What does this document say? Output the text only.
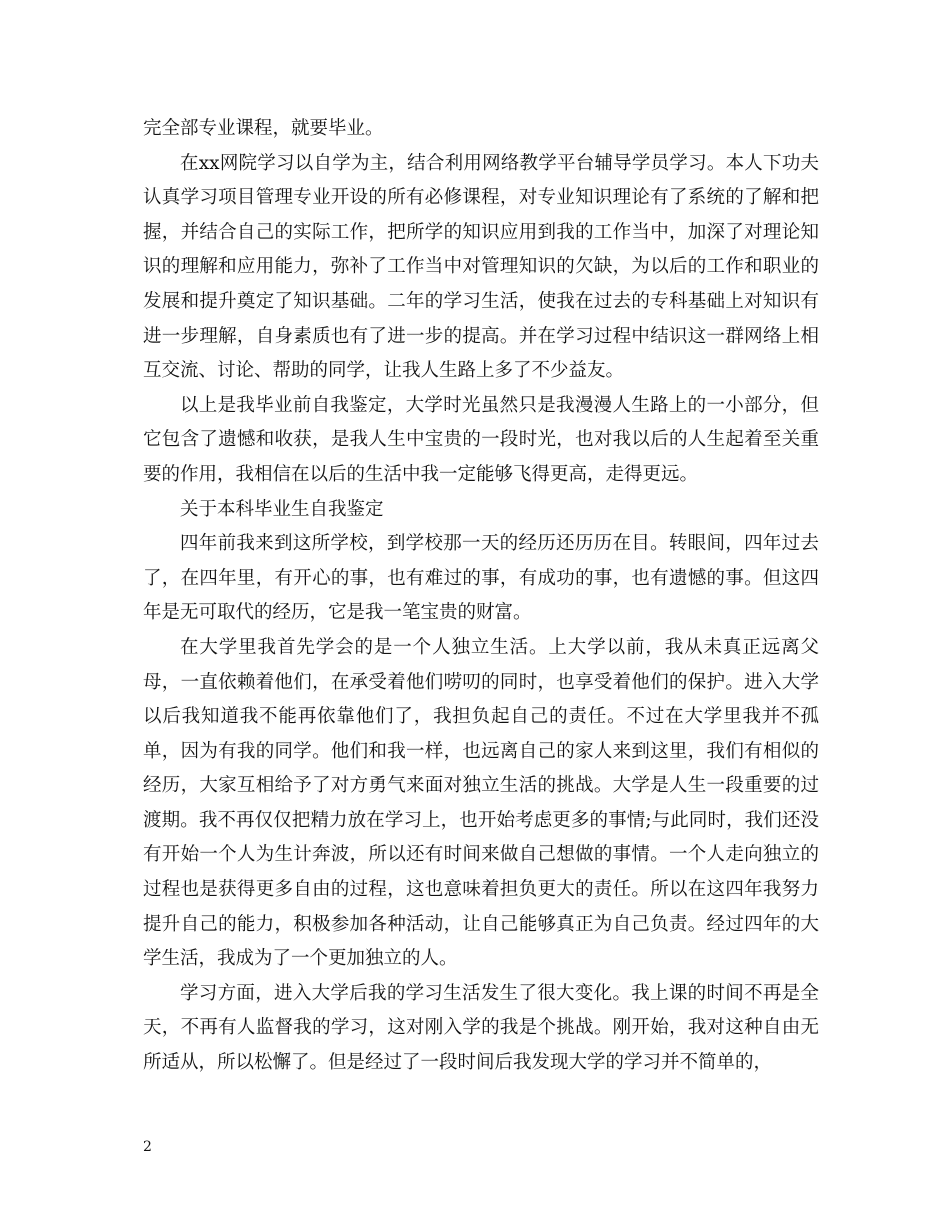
完全部专业课程，就要毕业。

在xx网院学习以自学为主，结合利用网络教学平台辅导学员学习。本人下功夫认真学习项目管理专业开设的所有必修课程，对专业知识理论有了系统的了解和把握，并结合自己的实际工作，把所学的知识应用到我的工作当中，加深了对理论知识的理解和应用能力，弥补了工作当中对管理知识的欠缺，为以后的工作和职业的发展和提升奠定了知识基础。二年的学习生活，使我在过去的专科基础上对知识有进一步理解，自身素质也有了进一步的提高。并在学习过程中结识这一群网络上相互交流、讨论、帮助的同学，让我人生路上多了不少益友。

以上是我毕业前自我鉴定，大学时光虽然只是我漫漫人生路上的一小部分，但它包含了遗憾和收获，是我人生中宝贵的一段时光，也对我以后的人生起着至关重要的作用，我相信在以后的生活中我一定能够飞得更高，走得更远。

关于本科毕业生自我鉴定

四年前我来到这所学校，到学校那一天的经历还历历在目。转眼间，四年过去了，在四年里，有开心的事，也有难过的事，有成功的事，也有遗憾的事。但这四年是无可取代的经历，它是我一笔宝贵的财富。

在大学里我首先学会的是一个人独立生活。上大学以前，我从未真正远离父母，一直依赖着他们，在承受着他们唠叨的同时，也享受着他们的保护。进入大学以后我知道我不能再依靠他们了，我担负起自己的责任。不过在大学里我并不孤单，因为有我的同学。他们和我一样，也远离自己的家人来到这里，我们有相似的经历，大家互相给予了对方勇气来面对独立生活的挑战。大学是人生一段重要的过渡期。我不再仅仅把精力放在学习上，也开始考虑更多的事情;与此同时，我们还没有开始一个人为生计奔波，所以还有时间来做自己想做的事情。一个人走向独立的过程也是获得更多自由的过程，这也意味着担负更大的责任。所以在这四年我努力提升自己的能力，积极参加各种活动，让自己能够真正为自己负责。经过四年的大学生活，我成为了一个更加独立的人。

学习方面，进入大学后我的学习生活发生了很大变化。我上课的时间不再是全天，不再有人监督我的学习，这对刚入学的我是个挑战。刚开始，我对这种自由无所适从，所以松懈了。但是经过了一段时间后我发现大学的学习并不简单的，

2
